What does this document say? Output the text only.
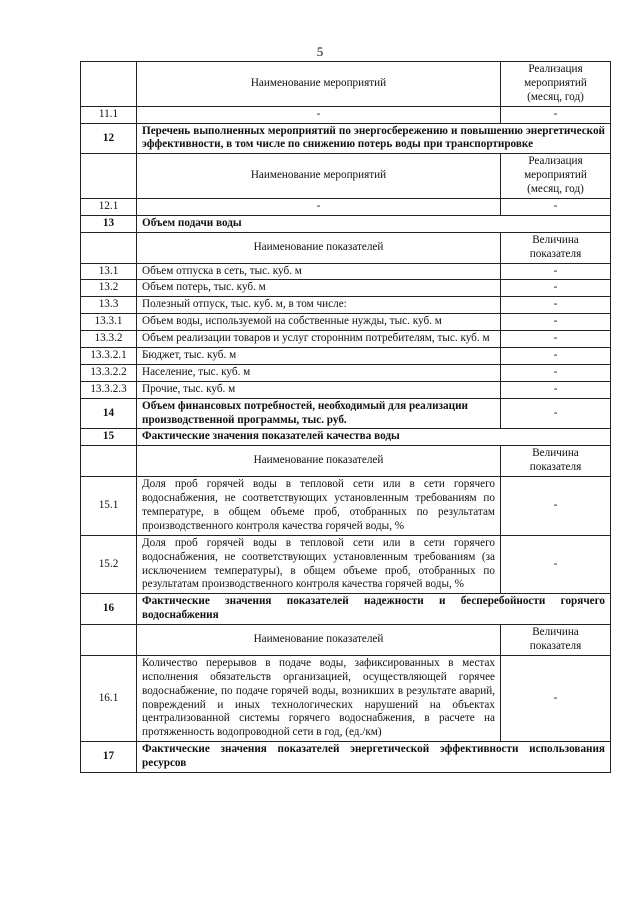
5
	Наименование мероприятий	Реализация мероприятий (месяц, год)
11.1	-	-
12	Перечень выполненных мероприятий по энергосбережению и повышению энергетической эффективности, в том числе по снижению потерь воды при транспортировке	
	Наименование мероприятий	Реализация мероприятий (месяц, год)
12.1	-	-
13	Объем подачи воды	
	Наименование показателей	Величина показателя
13.1	Объем отпуска в сеть, тыс. куб. м	-
13.2	Объем потерь, тыс. куб. м	-
13.3	Полезный отпуск, тыс. куб. м, в том числе:	-
13.3.1	Объем воды, используемой на собственные нужды, тыс. куб. м	-
13.3.2	Объем реализации товаров и услуг сторонним потребителям, тыс. куб. м	-
13.3.2.1	Бюджет, тыс. куб. м	-
13.3.2.2	Население, тыс. куб. м	-
13.3.2.3	Прочие, тыс. куб. м	-
14	Объем финансовых потребностей, необходимый для реализации производственной программы, тыс. руб.	-
15	Фактические значения показателей качества воды	
	Наименование показателей	Величина показателя
15.1	Доля проб горячей воды в тепловой сети или в сети горячего водоснабжения, не соответствующих установленным требованиям по температуре, в общем объеме проб, отобранных по результатам производственного контроля качества горячей воды, %	-
15.2	Доля проб горячей воды в тепловой сети или в сети горячего водоснабжения, не соответствующих установленным требованиям (за исключением температуры), в общем объеме проб, отобранных по результатам производственного контроля качества горячей воды, %	-
16	Фактические значения показателей надежности и бесперебойности горячего водоснабжения	
	Наименование показателей	Величина показателя
16.1	Количество перерывов в подаче воды, зафиксированных в местах исполнения обязательств организацией, осуществляющей горячее водоснабжение, по подаче горячей воды, возникших в результате аварий, повреждений и иных технологических нарушений на объектах централизованной системы горячего водоснабжения, в расчете на протяженность водопроводной сети в год, (ед./км)	-
17	Фактические значения показателей энергетической эффективности использования ресурсов	
